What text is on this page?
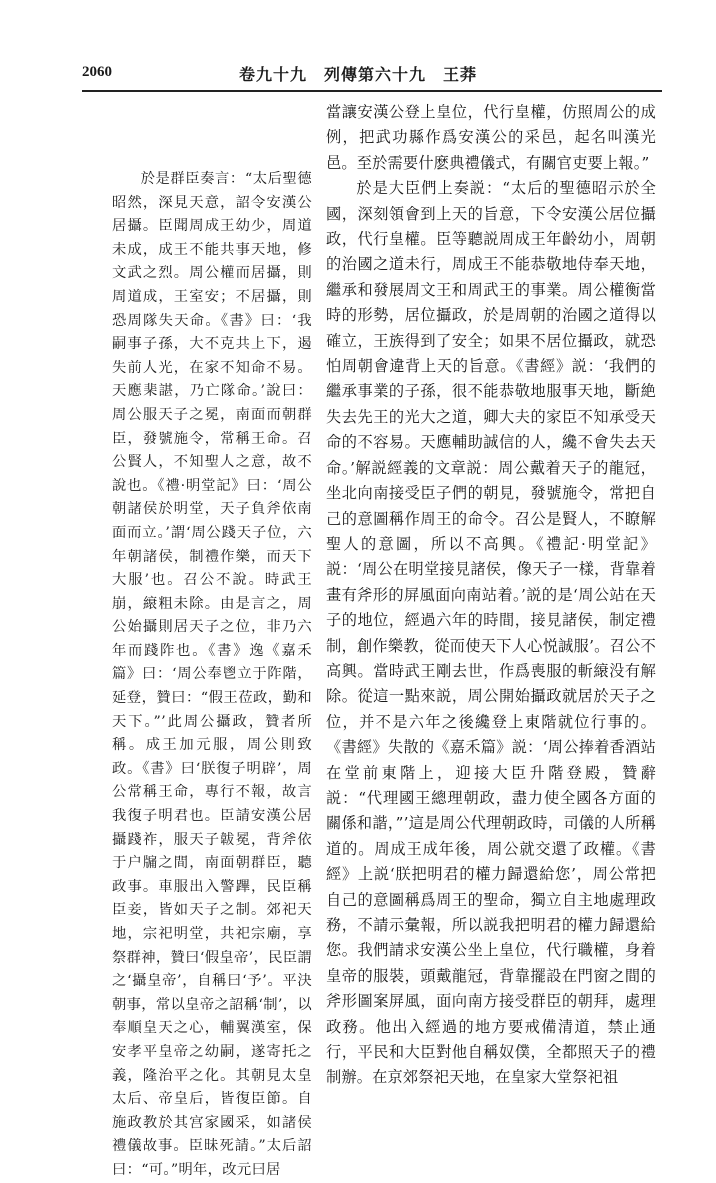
2060	卷九十九　列傳第六十九　王莽

於是群臣奏言：“太后聖德昭然，深見天意，詔令安漢公居攝。臣聞周成王幼少，周道未成，成王不能共事天地，修文武之烈。周公權而居攝，則周道成，王室安；不居攝，則恐周隊失天命。《書》曰：‘我嗣事子孫，大不克共上下，遏失前人光，在家不知命不易。天應棐諶，乃亡隊命。’說曰：周公服天子之冕，南面而朝群臣，發號施令，常稱王命。召公賢人，不知聖人之意，故不說也。《禮·明堂記》曰：‘周公朝諸侯於明堂，天子負斧依南面而立。’謂‘周公踐天子位，六年朝諸侯，制禮作樂，而天下大服’也。召公不說。時武王崩，縗粗未除。由是言之，周公始攝則居天子之位，非乃六年而踐阼也。《書》逸《嘉禾篇》曰：‘周公奉鬯立于阼階，延登，贊曰：“假王莅政，勤和天下。”’此周公攝政，贊者所稱。成王加元服，周公則致政。《書》曰‘朕復子明辟’，周公常稱王命，專行不報，故言我復子明君也。臣請安漢公居攝踐祚，服天子韍冕，背斧依于户牖之間，南面朝群臣，聽政事。車服出入警蹕，民臣稱臣妾，皆如天子之制。郊祀天地，宗祀明堂，共祀宗廟，享祭群神，贊曰‘假皇帝’，民臣謂之‘攝皇帝’，自稱曰‘予’。平決朝事，常以皇帝之詔稱‘制’，以奉順皇天之心，輔翼漢室，保安孝平皇帝之幼嗣，遂寄托之義，隆治平之化。其朝見太皇太后、帝皇后，皆復臣節。自施政教於其宫家國采，如諸侯禮儀故事。臣昧死請。”太后詔曰：“可。”明年，改元曰居

當讓安漢公登上皇位，代行皇權，仿照周公的成例，把武功縣作爲安漢公的采邑，起名叫漢光邑。至於需要什麽典禮儀式，有關官吏要上報。”

於是大臣們上奏説：“太后的聖德昭示於全國，深刻領會到上天的旨意，下令安漢公居位攝政，代行皇權。臣等聽説周成王年齡幼小，周朝的治國之道未行，周成王不能恭敬地侍奉天地，繼承和發展周文王和周武王的事業。周公權衡當時的形勢，居位攝政，於是周朝的治國之道得以確立，王族得到了安全；如果不居位攝政，就恐怕周朝會違背上天的旨意。《書經》説：‘我們的繼承事業的子孫，很不能恭敬地服事天地，斷絶失去先王的光大之道，卿大夫的家臣不知承受天命的不容易。天應輔助誠信的人，纔不會失去天命。’解説經義的文章説：周公戴着天子的龍冠，坐北向南接受臣子們的朝見，發號施令，常把自己的意圖稱作周王的命令。召公是賢人，不瞭解聖人的意圖，所以不高興。《禮記·明堂記》説：‘周公在明堂接見諸侯，像天子一樣，背靠着畫有斧形的屏風面向南站着。’説的是‘周公站在天子的地位，經過六年的時間，接見諸侯，制定禮制，創作樂教，從而使天下人心悦誠服’。召公不高興。當時武王剛去世，作爲喪服的斬縗没有解除。從這一點來説，周公開始攝政就居於天子之位，并不是六年之後纔登上東階就位行事的。《書經》失散的《嘉禾篇》説：‘周公捧着香酒站在堂前東階上，迎接大臣升階登殿，贊辭説：“代理國王總理朝政，盡力使全國各方面的關係和諧，”’這是周公代理朝政時，司儀的人所稱道的。周成王成年後，周公就交還了政權。《書經》上説‘朕把明君的權力歸還給您’，周公常把自己的意圖稱爲周王的聖命，獨立自主地處理政務，不請示彙報，所以説我把明君的權力歸還給您。我們請求安漢公坐上皇位，代行職權，身着皇帝的服裝，頭戴龍冠，背靠擺設在門窗之間的斧形圖案屏風，面向南方接受群臣的朝拜，處理政務。他出入經過的地方要戒備清道，禁止通行，平民和大臣對他自稱奴僕，全都照天子的禮制辦。在京郊祭祀天地，在皇家大堂祭祀祖
